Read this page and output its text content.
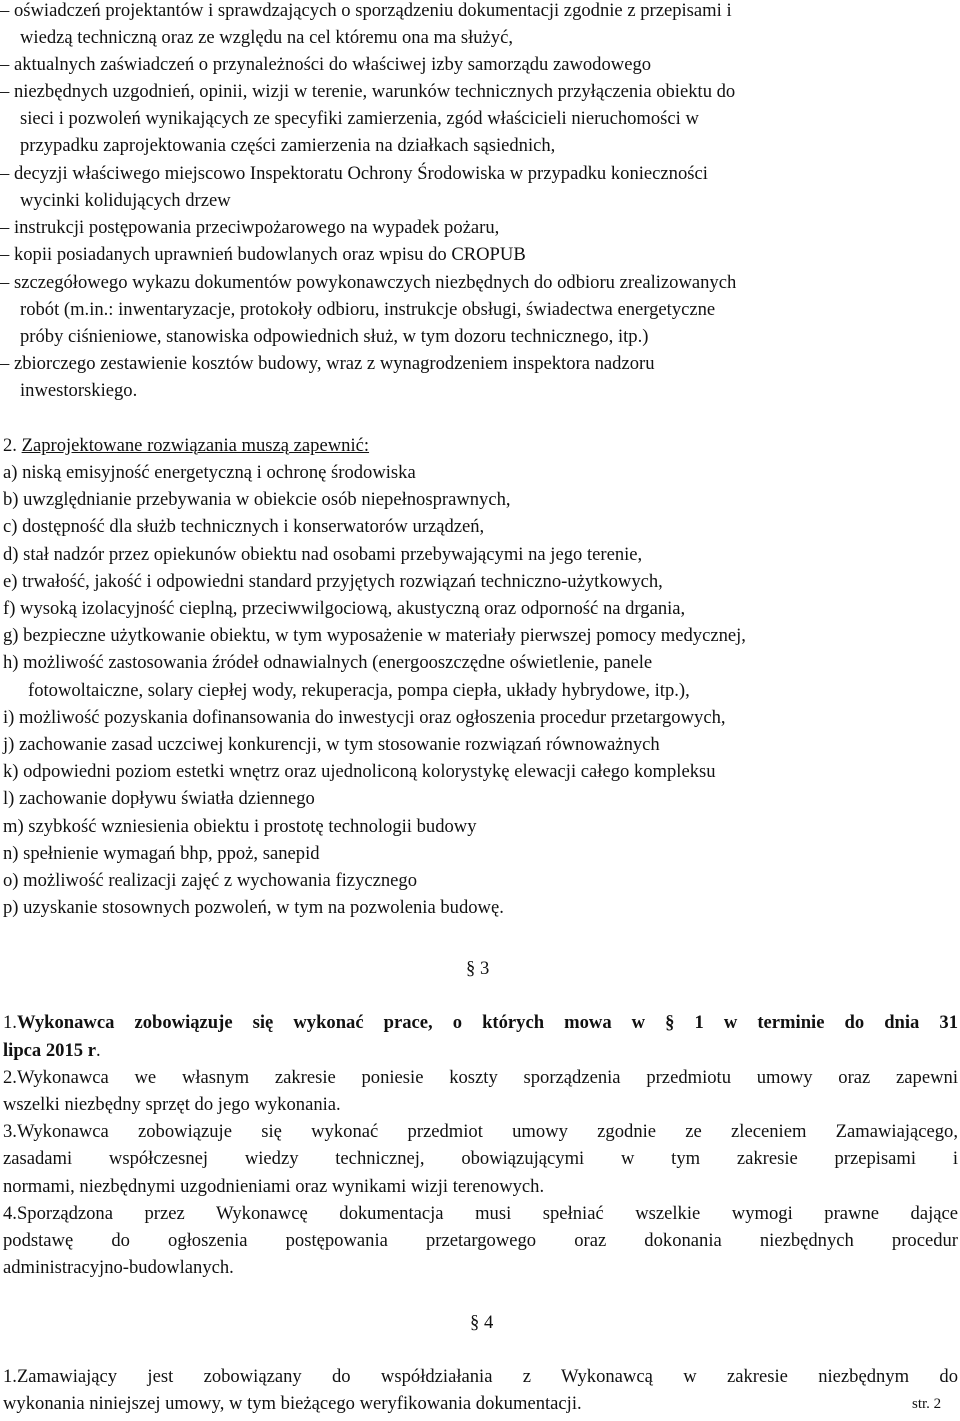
– oświadczeń projektantów i sprawdzających o sporządzeniu dokumentacji zgodnie z przepisami i
wiedzą techniczną oraz ze względu na cel któremu ona ma służyć,
– aktualnych zaświadczeń o przynależności do właściwej izby samorządu zawodowego
– niezbędnych uzgodnień, opinii, wizji w terenie, warunków technicznych przyłączenia obiektu do
sieci i pozwoleń wynikających ze specyfiki zamierzenia, zgód właścicieli nieruchomości w
przypadku zaprojektowania części zamierzenia na działkach sąsiednich,
– decyzji właściwego miejscowo Inspektoratu Ochrony Środowiska w przypadku konieczności
wycinki kolidujących drzew
– instrukcji postępowania przeciwpożarowego na wypadek pożaru,
– kopii posiadanych uprawnień budowlanych oraz wpisu do CROPUB
– szczegółowego wykazu dokumentów powykonawczych niezbędnych do odbioru zrealizowanych
robót (m.in.: inwentaryzacje, protokoły odbioru, instrukcje obsługi, świadectwa energetyczne
próby ciśnieniowe, stanowiska odpowiednich służ, w tym dozoru technicznego, itp.)
– zbiorczego zestawienie kosztów budowy, wraz z wynagrodzeniem inspektora nadzoru
inwestorskiego.
2. Zaprojektowane rozwiązania muszą zapewnić:
a) niską emisyjność energetyczną i ochronę środowiska
b) uwzględnianie przebywania w obiekcie osób niepełnosprawnych,
c) dostępność dla służb technicznych i konserwatorów urządzeń,
d) stał nadzór przez opiekunów obiektu nad osobami przebywającymi na jego terenie,
e) trwałość, jakość i odpowiedni standard przyjętych rozwiązań techniczno-użytkowych,
f) wysoką izolacyjność cieplną, przeciwwilgociową, akustyczną oraz odporność na drgania,
g) bezpieczne użytkowanie obiektu, w tym wyposażenie w materiały pierwszej pomocy medycznej,
h) możliwość zastosowania źródeł odnawialnych (energooszczędne oświetlenie, panele
fotowoltaiczne, solary ciepłej wody, rekuperacja, pompa ciepła, układy hybrydowe, itp.),
i) możliwość pozyskania dofinansowania do inwestycji oraz ogłoszenia procedur przetargowych,
j) zachowanie zasad uczciwej konkurencji, w tym stosowanie rozwiązań równoważnych
k) odpowiedni poziom estetki wnętrz oraz ujednoliconą kolorystykę elewacji całego kompleksu
l) zachowanie dopływu światła dziennego
m) szybkość wzniesienia obiektu i prostotę technologii budowy
n) spełnienie wymagań bhp, ppoż, sanepid
o) możliwość realizacji zajęć z wychowania fizycznego
p) uzyskanie stosownych pozwoleń, w tym na pozwolenia budowę.
§ 3
1.Wykonawca zobowiązuje się wykonać prace, o których mowa w § 1 w terminie do dnia 31
lipca 2015 r.
2.Wykonawca we własnym zakresie poniesie koszty sporządzenia przedmiotu umowy oraz zapewni
wszelki niezbędny sprzęt do jego wykonania.
3.Wykonawca zobowiązuje się wykonać przedmiot umowy zgodnie ze zleceniem Zamawiającego,
zasadami współczesnej wiedzy technicznej, obowiązującymi w tym zakresie przepisami i
normami, niezbędnymi uzgodnieniami oraz wynikami wizji terenowych.
4.Sporządzona przez Wykonawcę dokumentacja musi spełniać wszelkie wymogi prawne dające
podstawę do ogłoszenia postępowania przetargowego oraz dokonania niezbędnych procedur
administracyjno-budowlanych.
§ 4
1.Zamawiający jest zobowiązany do współdziałania z Wykonawcą w zakresie niezbędnym do
wykonania niniejszej umowy, w tym bieżącego weryfikowania dokumentacji.	str. 2
